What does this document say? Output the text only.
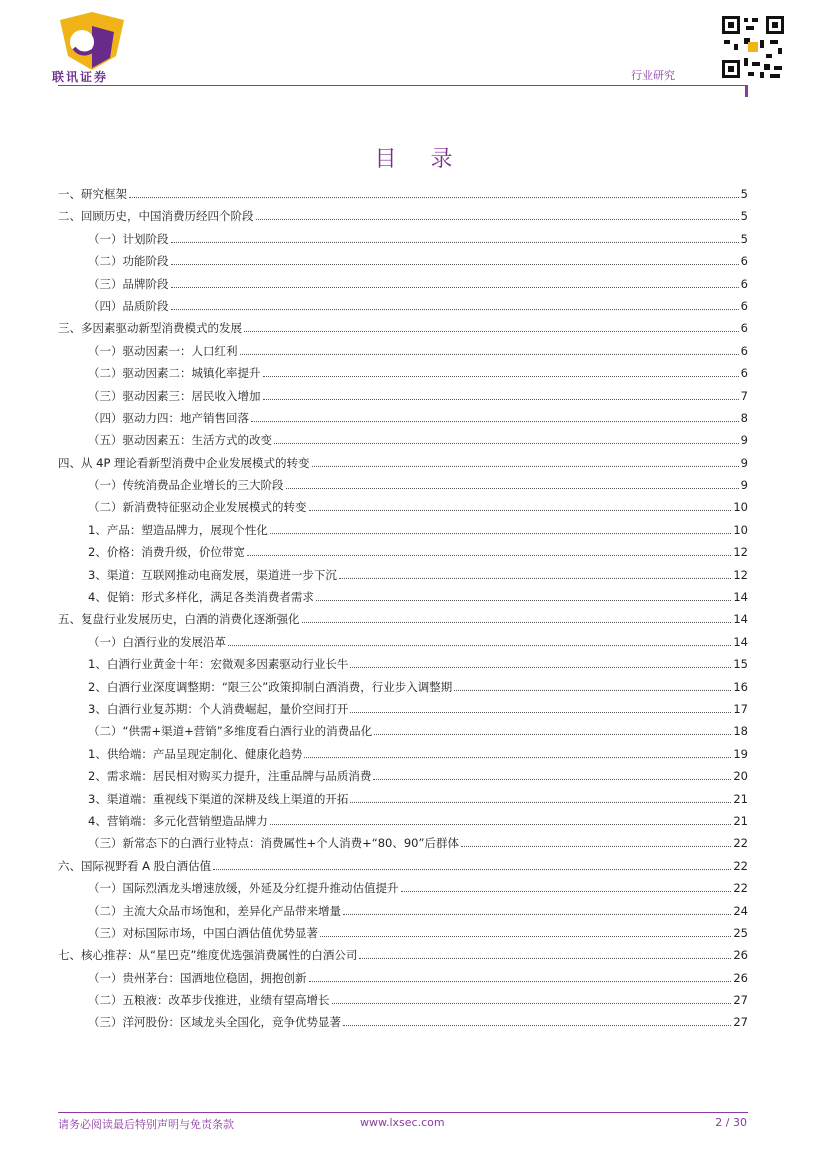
联讯证券	行业研究
目录
一、研究框架	5
二、回顾历史，中国消费历经四个阶段	5
（一）计划阶段	5
（二）功能阶段	6
（三）品牌阶段	6
（四）品质阶段	6
三、多因素驱动新型消费模式的发展	6
（一）驱动因素一：人口红利	6
（二）驱动因素二：城镇化率提升	6
（三）驱动因素三：居民收入增加	7
（四）驱动力四：地产销售回落	8
（五）驱动因素五：生活方式的改变	9
四、从 4P 理论看新型消费中企业发展模式的转变	9
（一）传统消费品企业增长的三大阶段	9
（二）新消费特征驱动企业发展模式的转变	10
1、产品：塑造品牌力，展现个性化	10
2、价格：消费升级，价位带宽	12
3、渠道：互联网推动电商发展，渠道进一步下沉	12
4、促销：形式多样化，满足各类消费者需求	14
五、复盘行业发展历史，白酒的消费化逐渐强化	14
（一）白酒行业的发展沿革	14
1、白酒行业黄金十年：宏微观多因素驱动行业长牛	15
2、白酒行业深度调整期：“限三公”政策抑制白酒消费，行业步入调整期	16
3、白酒行业复苏期：个人消费崛起，量价空间打开	17
（二）“供需+渠道+营销”多维度看白酒行业的消费品化	18
1、供给端：产品呈现定制化、健康化趋势	19
2、需求端：居民相对购买力提升，注重品牌与品质消费	20
3、渠道端：重视线下渠道的深耕及线上渠道的开拓	21
4、营销端：多元化营销塑造品牌力	21
（三）新常态下的白酒行业特点：消费属性+个人消费+“80、90”后群体	22
六、国际视野看 A 股白酒估值	22
（一）国际烈酒龙头增速放缓，外延及分红提升推动估值提升	22
（二）主流大众品市场饱和，差异化产品带来增量	24
（三）对标国际市场，中国白酒估值优势显著	25
七、核心推荐：从“星巴克”维度优选强消费属性的白酒公司	26
（一）贵州茅台：国酒地位稳固，拥抱创新	26
（二）五粮液：改革步伐推进，业绩有望高增长	27
（三）洋河股份：区域龙头全国化，竞争优势显著	27
请务必阅读最后特别声明与免责条款	www.lxsec.com	2 / 30
